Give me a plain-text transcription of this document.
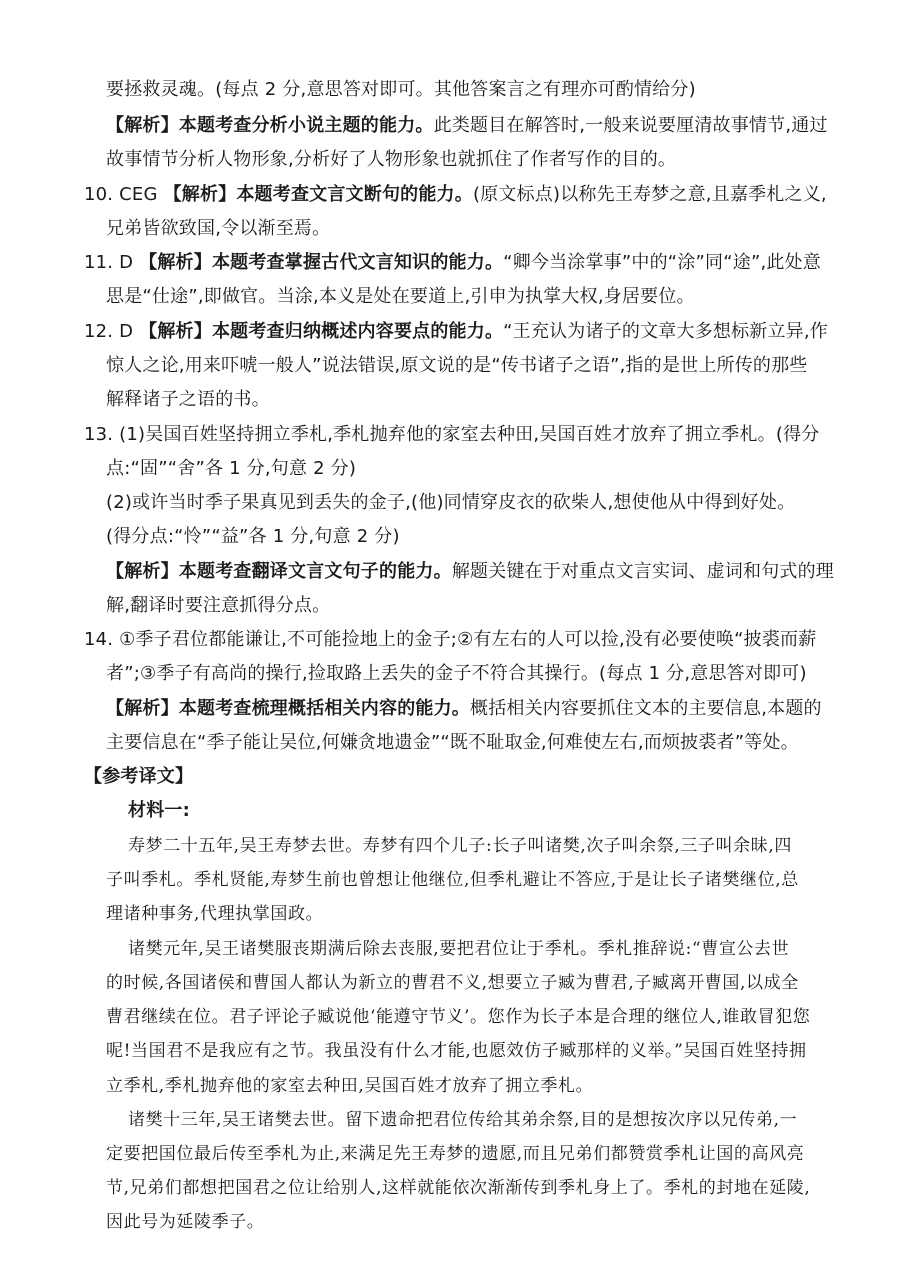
要拯救灵魂。(每点 2 分,意思答对即可。其他答案言之有理亦可酌情给分)
【解析】本题考查分析小说主题的能力。此类题目在解答时,一般来说要厘清故事情节,通过
故事情节分析人物形象,分析好了人物形象也就抓住了作者写作的目的。
10. CEG 【解析】本题考查文言文断句的能力。(原文标点)以称先王寿梦之意,且嘉季札之义,
兄弟皆欲致国,令以渐至焉。
11. D 【解析】本题考查掌握古代文言知识的能力。“卿今当涂掌事”中的“涂”同“途”,此处意
思是“仕途”,即做官。当涂,本义是处在要道上,引申为执掌大权,身居要位。
12. D 【解析】本题考查归纳概述内容要点的能力。“王充认为诸子的文章大多想标新立异,作
惊人之论,用来吓唬一般人”说法错误,原文说的是“传书诸子之语”,指的是世上所传的那些
解释诸子之语的书。
13. (1)吴国百姓坚持拥立季札,季札抛弃他的家室去种田,吴国百姓才放弃了拥立季札。(得分
点:“固”“舍”各 1 分,句意 2 分)
(2)或许当时季子果真见到丢失的金子,(他)同情穿皮衣的砍柴人,想使他从中得到好处。
(得分点:“怜”“益”各 1 分,句意 2 分)
【解析】本题考查翻译文言文句子的能力。解题关键在于对重点文言实词、虚词和句式的理
解,翻译时要注意抓得分点。
14. ①季子君位都能谦让,不可能捡地上的金子;②有左右的人可以捡,没有必要使唤“披裘而薪
者”;③季子有高尚的操行,捡取路上丢失的金子不符合其操行。(每点 1 分,意思答对即可)
【解析】本题考查梳理概括相关内容的能力。概括相关内容要抓住文本的主要信息,本题的
主要信息在“季子能让吴位,何嫌贪地遗金”“既不耻取金,何难使左右,而烦披裘者”等处。
【参考译文】
材料一:
寿梦二十五年,吴王寿梦去世。寿梦有四个儿子:长子叫诸樊,次子叫余祭,三子叫余昧,四
子叫季札。季札贤能,寿梦生前也曾想让他继位,但季札避让不答应,于是让长子诸樊继位,总
理诸种事务,代理执掌国政。
诸樊元年,吴王诸樊服丧期满后除去丧服,要把君位让于季札。季札推辞说:“曹宣公去世
的时候,各国诸侯和曹国人都认为新立的曹君不义,想要立子臧为曹君,子臧离开曹国,以成全
曹君继续在位。君子评论子臧说他‘能遵守节义’。您作为长子本是合理的继位人,谁敢冒犯您
呢!当国君不是我应有之节。我虽没有什么才能,也愿效仿子臧那样的义举。”吴国百姓坚持拥
立季札,季札抛弃他的家室去种田,吴国百姓才放弃了拥立季札。
诸樊十三年,吴王诸樊去世。留下遗命把君位传给其弟余祭,目的是想按次序以兄传弟,一
定要把国位最后传至季札为止,来满足先王寿梦的遗愿,而且兄弟们都赞赏季札让国的高风亮
节,兄弟们都想把国君之位让给别人,这样就能依次渐渐传到季札身上了。季札的封地在延陵,
因此号为延陵季子。
